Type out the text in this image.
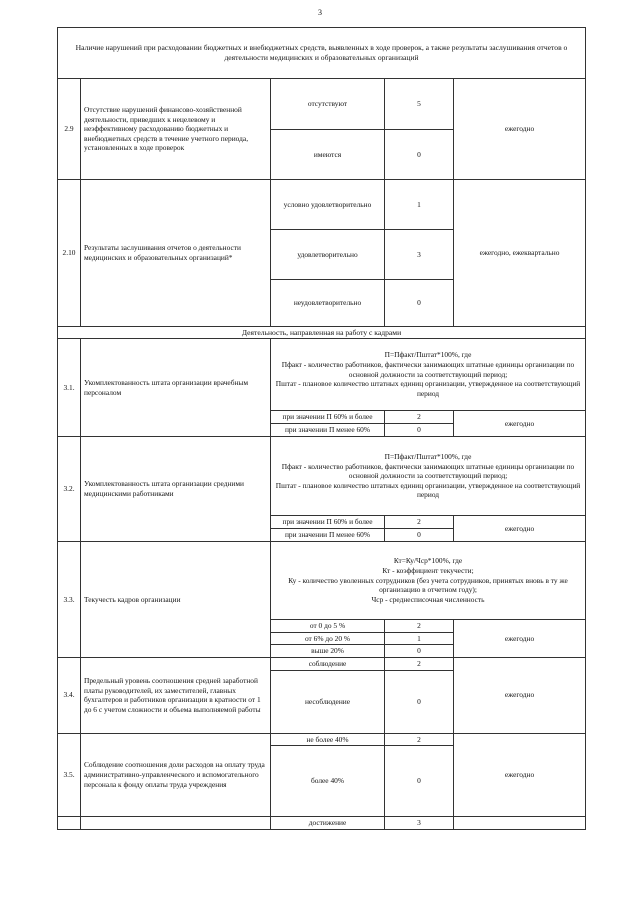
3
Наличие нарушений при расходовании бюджетных и внебюджетных средств, выявленных в ходе проверок, а также результаты заслушивания отчетов о деятельности медицинских и образовательных организаций				
2.9	Отсутствие нарушений финансово-хозяйственной деятельности, приведших к нецелевому и неэффективному расходованию бюджетных и внебюджетных средств в течение учетного периода, установленных в ходе проверок	отсутствуют	5	ежегодно
		имеются	0	
2.10	Результаты заслушивания отчетов о деятельности медицинских и образовательных организаций*	условно удовлетворительно	1	ежегодно, ежеквартально
		удовлетворительно	3	
		неудовлетворительно	0	
Деятельность, направленная на работу с кадрами				
3.1.	Укомплектованность штата организации врачебным персоналом	П=Пфакт/Пштат*100%, где
Пфакт - количество работников, фактически занимающих штатные единицы организации по основной должности за соответствующий период;
Пштат - плановое количество штатных единиц организации, утвержденное на соответствующий период		

		при значении П 60% и более	2	ежегодно
		при значении П менее 60%	0	
3.2.	Укомплектованность штата организации средними медицинскими работниками	П=Пфакт/Пштат*100%, где
Пфакт - количество работников, фактически занимающих штатные единицы организации по основной должности за соответствующий период;
Пштат - плановое количество штатных единиц организации, утвержденное на соответствующий период		

		при значении П 60% и более	2	ежегодно
		при значении П менее 60%	0	
3.3.	Текучесть кадров организации	Кт=Ку/Чср*100%, где
Кт - коэффициент текучести;
Ку - количество уволенных сотрудников (без учета сотрудников, принятых вновь в ту же организацию в отчетном году);
Чср - среднесписочная численность		

		от 0 до 5 %	2	ежегодно
		от 6% до 20 %	1	
		выше 20%	0	
3.4.	Предельный уровень соотношения средней заработной платы руководителей, их заместителей, главных бухгалтеров и работников организации в кратности от 1 до 6 с учетом сложности и объема выполняемой работы	соблюдение	2	ежегодно
		несоблюдение	0	
3.5.	Соблюдение соотношения доли расходов на оплату труда административно-управленческого и вспомогательного персонала к фонду оплаты труда учреждения	не более 40%	2	ежегодно
		более 40%	0	
		достижение	3	
